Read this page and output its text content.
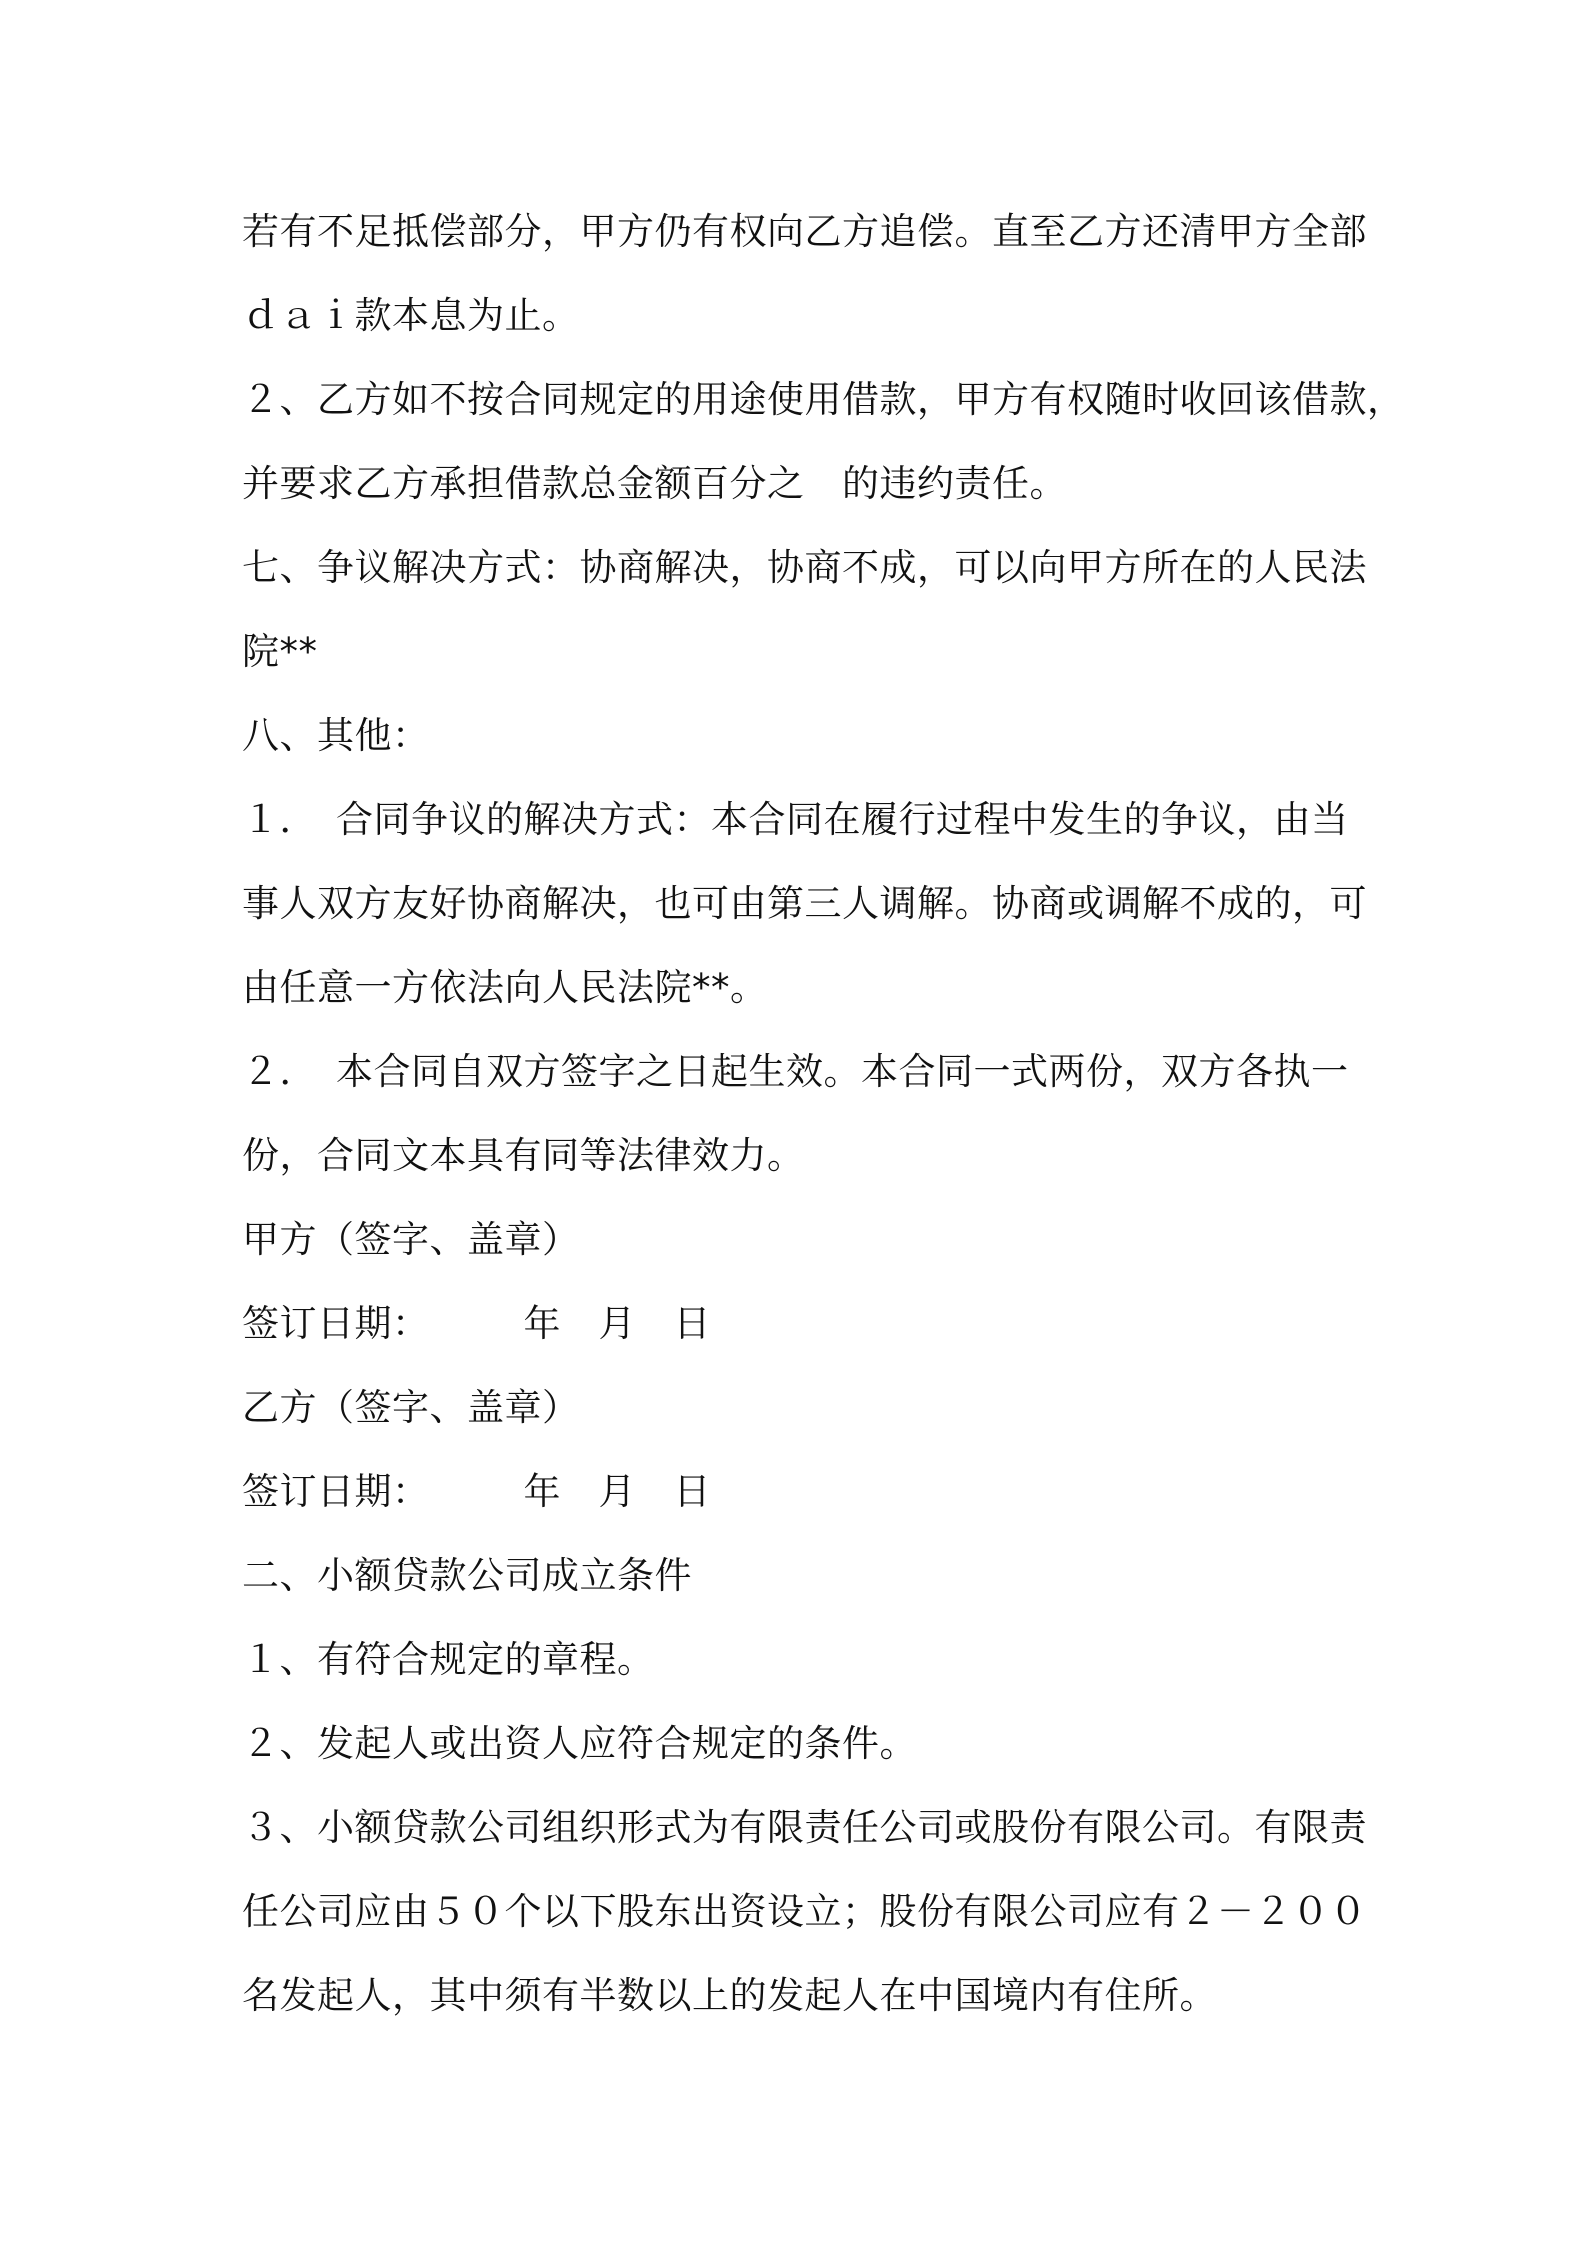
若有不足抵偿部分，甲方仍有权向乙方追偿。直至乙方还清甲方全部
ｄａｉ款本息为止。
２、乙方如不按合同规定的用途使用借款，甲方有权随时收回该借款，
并要求乙方承担借款总金额百分之　的违约责任。
七、争议解决方式：协商解决，协商不成，可以向甲方所在的人民法
院**
八、其他：
１．　合同争议的解决方式：本合同在履行过程中发生的争议，由当
事人双方友好协商解决，也可由第三人调解。协商或调解不成的，可
由任意一方依法向人民法院**。
２．　本合同自双方签字之日起生效。本合同一式两份，双方各执一
份，合同文本具有同等法律效力。
甲方（签字、盖章）
签订日期：　　　年　月　日
乙方（签字、盖章）
签订日期：　　　年　月　日
二、小额贷款公司成立条件
１、有符合规定的章程。
２、发起人或出资人应符合规定的条件。
３、小额贷款公司组织形式为有限责任公司或股份有限公司。有限责
任公司应由５０个以下股东出资设立；股份有限公司应有２－２００
名发起人，其中须有半数以上的发起人在中国境内有住所。
